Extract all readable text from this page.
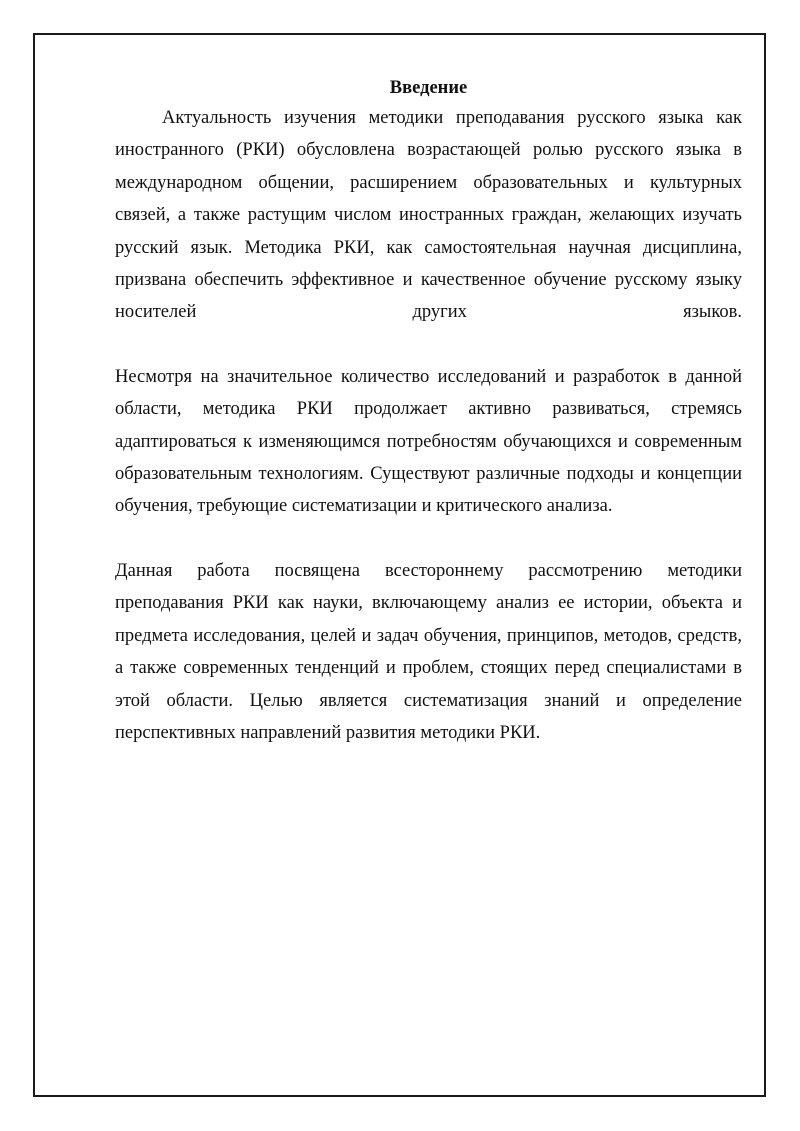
Введение

Актуальность изучения методики преподавания русского языка как иностранного (РКИ) обусловлена возрастающей ролью русского языка в международном общении, расширением образовательных и культурных связей, а также растущим числом иностранных граждан, желающих изучать русский язык. Методика РКИ, как самостоятельная научная дисциплина, призвана обеспечить эффективное и качественное обучение русскому языку носителей других языков.

Несмотря на значительное количество исследований и разработок в данной области, методика РКИ продолжает активно развиваться, стремясь адаптироваться к изменяющимся потребностям обучающихся и современным образовательным технологиям. Существуют различные подходы и концепции обучения, требующие систематизации и критического анализа.

Данная работа посвящена всестороннему рассмотрению методики преподавания РКИ как науки, включающему анализ ее истории, объекта и предмета исследования, целей и задач обучения, принципов, методов, средств, а также современных тенденций и проблем, стоящих перед специалистами в этой области. Целью является систематизация знаний и определение перспективных направлений развития методики РКИ.
